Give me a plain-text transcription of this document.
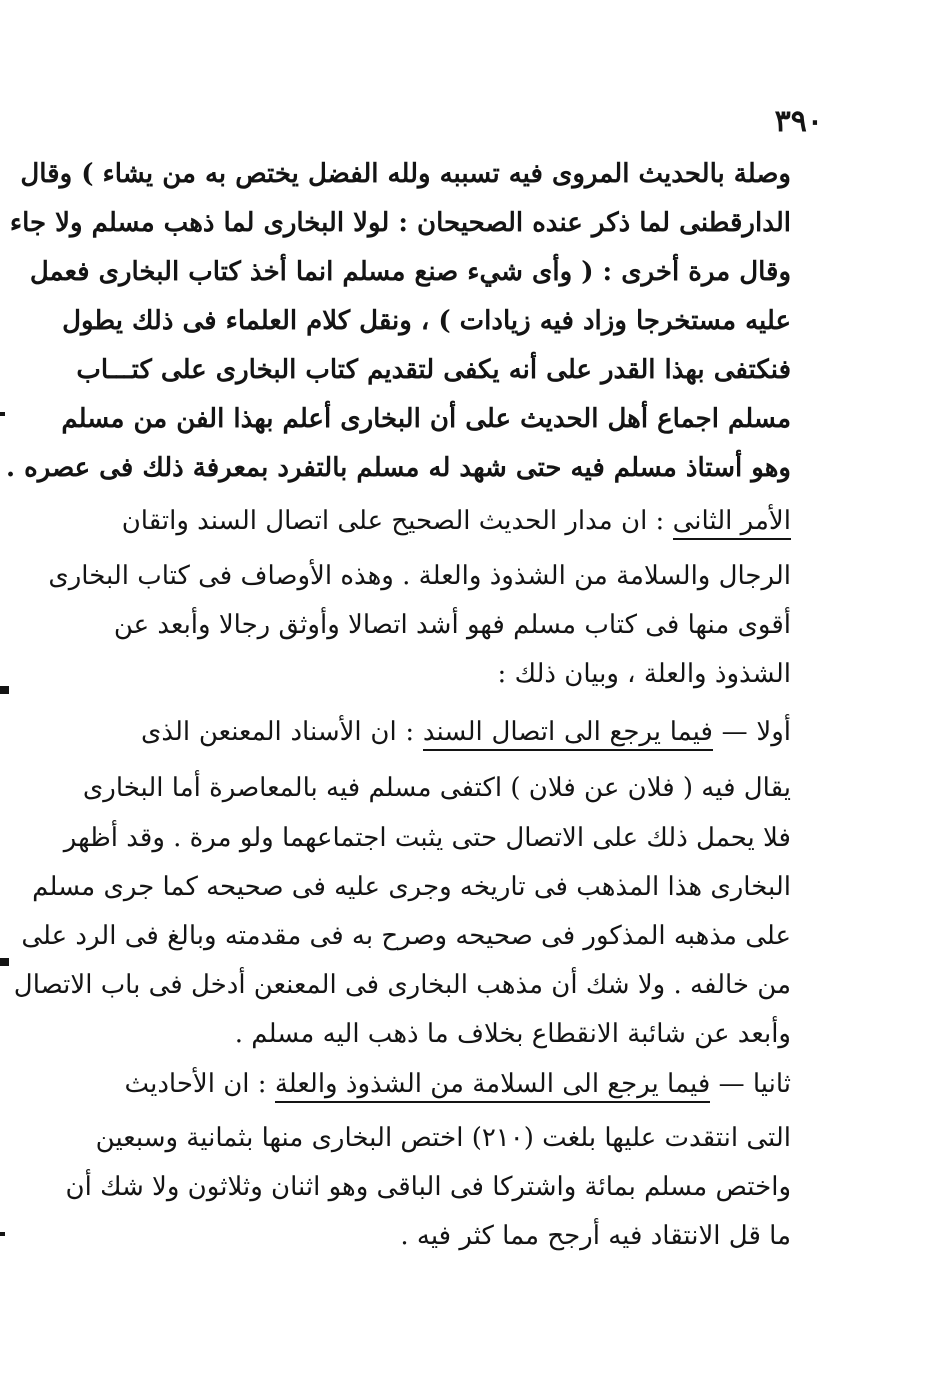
٣٩٠
وصلة بالحديث المروى فيه تسببه ولله الفضل يختص به من يشاء ) وقال
الدارقطنى لما ذكر عنده الصحيحان : لولا البخارى لما ذهب مسلم ولا جاء
وقال مرة أخرى : ( وأى شيء صنع مسلم انما أخذ كتاب البخارى فعمل
عليه مستخرجا وزاد فيه زيادات ) ، ونقل كلام العلماء فى ذلك يطول
فنكتفى بهذا القدر على أنه يكفى لتقديم كتاب البخارى على كتـــاب
مسلم اجماع أهل الحديث على أن البخارى أعلم بهذا الفن من مسلم
وهو أستاذ مسلم فيه حتى شهد له مسلم بالتفرد بمعرفة ذلك فى عصره .
الأمر الثانى : ان مدار الحديث الصحيح على اتصال السند واتقان
الرجال والسلامة من الشذوذ والعلة . وهذه الأوصاف فى كتاب البخارى
أقوى منها فى كتاب مسلم فهو أشد اتصالا وأوثق رجالا وأبعد عن
الشذوذ والعلة ، وبيان ذلك :
أولا — فيما يرجع الى اتصال السند : ان الأسناد المعنعن الذى
يقال فيه ( فلان عن فلان ) اكتفى مسلم فيه بالمعاصرة أما البخارى
فلا يحمل ذلك على الاتصال حتى يثبت اجتماعهما ولو مرة . وقد أظهر
البخارى هذا المذهب فى تاريخه وجرى عليه فى صحيحه كما جرى مسلم
على مذهبه المذكور فى صحيحه وصرح به فى مقدمته وبالغ فى الرد على
من خالفه . ولا شك أن مذهب البخارى فى المعنعن أدخل فى باب الاتصال
وأبعد عن شائبة الانقطاع بخلاف ما ذهب اليه مسلم .
ثانيا — فيما يرجع الى السلامة من الشذوذ والعلة : ان الأحاديث
التى انتقدت عليها بلغت (٢١٠) اختص البخارى منها بثمانية وسبعين
واختص مسلم بمائة واشتركا فى الباقى وهو اثنان وثلاثون ولا شك أن
ما قل الانتقاد فيه أرجح مما كثر فيه .
